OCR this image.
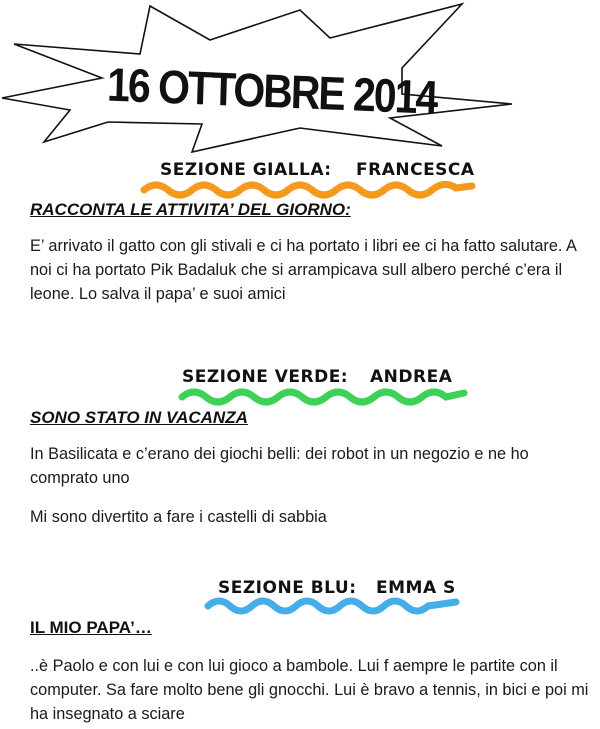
16 OTTOBRE 2014
SEZIONE GIALLA: FRANCESCA
RACCONTA LE ATTIVITA’ DEL GIORNO:
E’ arrivato il gatto con gli stivali e ci ha portato i libri ee ci ha fatto salutare. A noi ci ha portato Pik Badaluk che si arrampicava sull albero perché c’era il leone. Lo salva il papa’ e suoi amici
SEZIONE VERDE: ANDREA
SONO STATO IN VACANZA
In Basilicata e c’erano dei giochi belli: dei robot in un negozio e ne ho comprato uno
Mi sono divertito a fare i castelli di sabbia
SEZIONE BLU: EMMA S
IL MIO PAPA’…
..è Paolo e con lui e con lui gioco a bambole. Lui f aempre le partite con il computer. Sa fare molto bene gli gnocchi. Lui è bravo a tennis, in bici e poi mi ha insegnato a sciare
